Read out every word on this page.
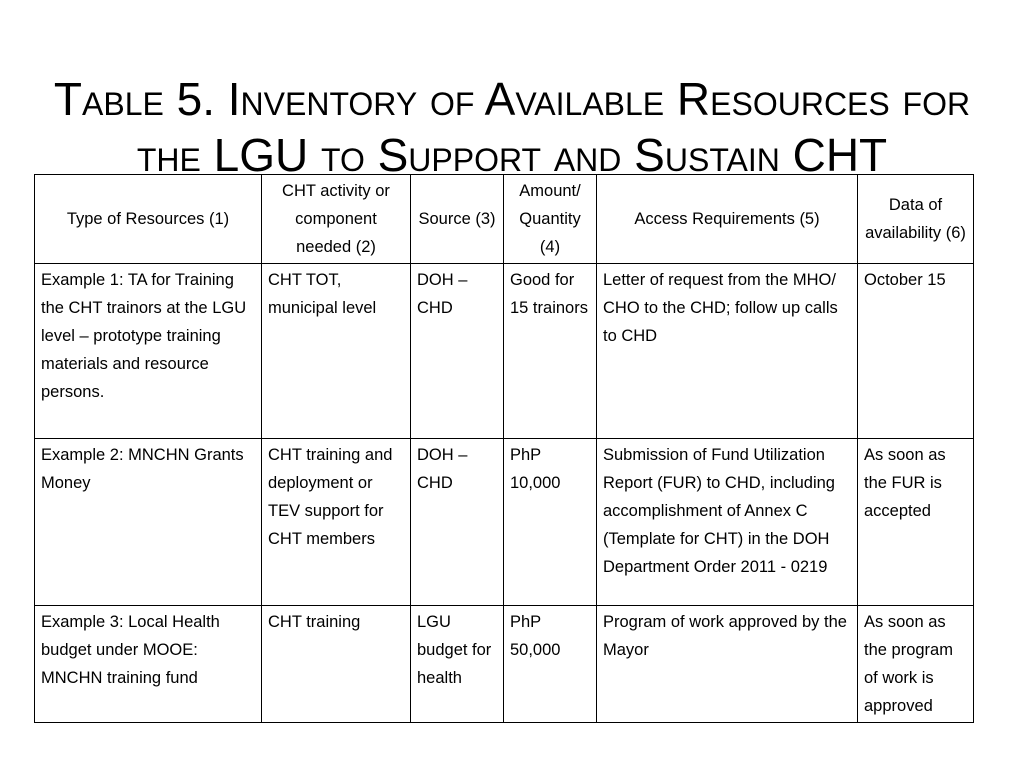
Table 5. Inventory of Available Resources for
the LGU to Support and Sustain CHT
Type of Resources (1)	CHT activity or component needed (2)	Source (3)	Amount/ Quantity (4)	Access Requirements (5)	Data of availability (6)
Example 1: TA for Training the CHT trainors at the LGU level – prototype training materials and resource persons.	CHT TOT, municipal level	DOH – CHD	Good for 15 trainors	Letter of request from the MHO/ CHO to the CHD; follow up calls to CHD	October 15
Example 2: MNCHN Grants Money	CHT training and deployment or TEV support for CHT members	DOH – CHD	PhP 10,000	Submission of Fund Utilization Report (FUR) to CHD, including accomplishment of Annex C (Template for CHT) in the DOH Department Order 2011 - 0219	As soon as the FUR is accepted
Example 3: Local Health budget under MOOE: MNCHN training fund	CHT training	LGU budget for health	PhP 50,000	Program of work approved by the Mayor	As soon as the program of work is approved
